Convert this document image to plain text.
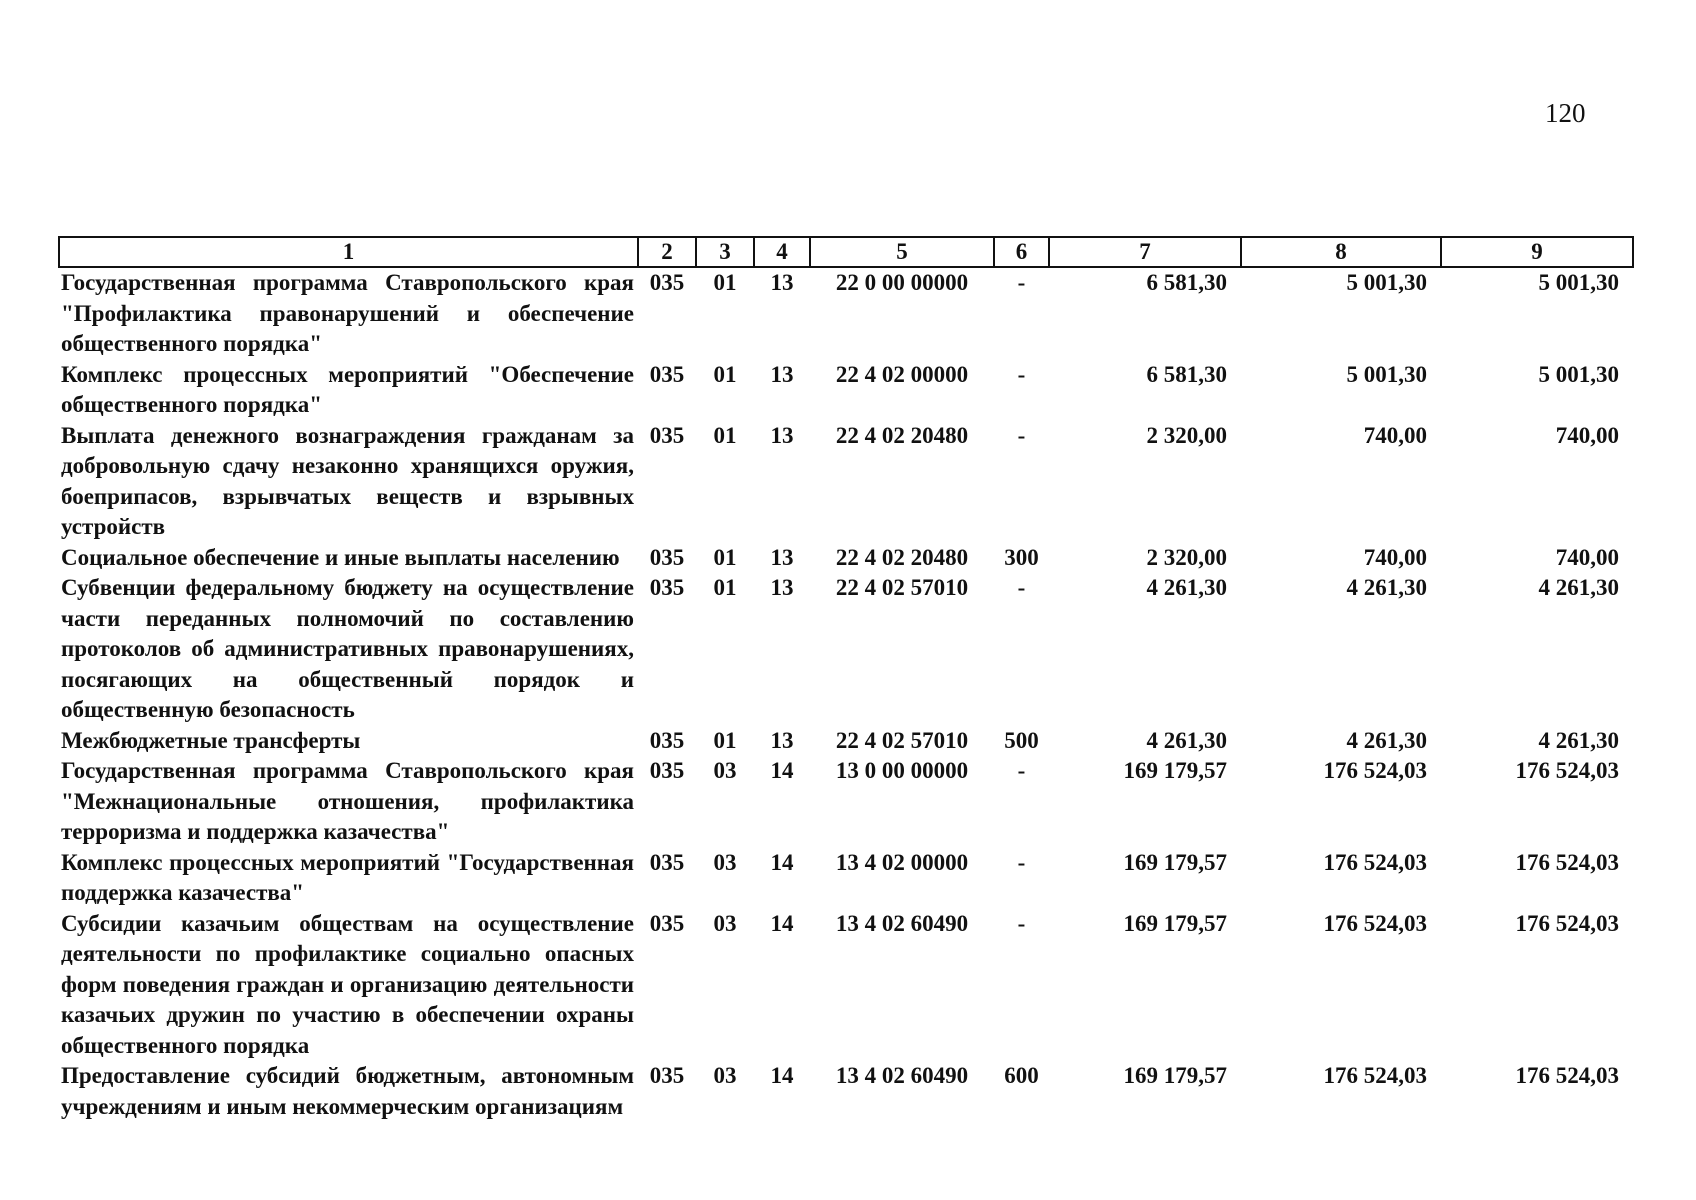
120
1	2	3	4	5	6	7	8	9
Государственная программа Ставропольского края "Профилактика правонарушений и обеспечение общественного порядка"	035	01	13	22 0 00 00000	-	6 581,30	5 001,30	5 001,30
Комплекс процессных мероприятий "Обеспечение общественного порядка"	035	01	13	22 4 02 00000	-	6 581,30	5 001,30	5 001,30
Выплата денежного вознаграждения гражданам за добровольную сдачу незаконно хранящихся оружия, боеприпасов, взрывчатых веществ и взрывных устройств	035	01	13	22 4 02 20480	-	2 320,00	740,00	740,00
Социальное обеспечение и иные выплаты населению	035	01	13	22 4 02 20480	300	2 320,00	740,00	740,00
Субвенции федеральному бюджету на осуществление части переданных полномочий по составлению протоколов об административных правонарушениях, посягающих на общественный порядок и общественную безопасность	035	01	13	22 4 02 57010	-	4 261,30	4 261,30	4 261,30
Межбюджетные трансферты	035	01	13	22 4 02 57010	500	4 261,30	4 261,30	4 261,30
Государственная программа Ставропольского края "Межнациональные отношения, профилактика терроризма и поддержка казачества"	035	03	14	13 0 00 00000	-	169 179,57	176 524,03	176 524,03
Комплекс процессных мероприятий "Государственная поддержка казачества"	035	03	14	13 4 02 00000	-	169 179,57	176 524,03	176 524,03
Субсидии казачьим обществам на осуществление деятельности по профилактике социально опасных форм поведения граждан и организацию деятельности казачьих дружин по участию в обеспечении охраны общественного порядка	035	03	14	13 4 02 60490	-	169 179,57	176 524,03	176 524,03
Предоставление субсидий бюджетным, автономным учреждениям и иным некоммерческим организациям	035	03	14	13 4 02 60490	600	169 179,57	176 524,03	176 524,03
